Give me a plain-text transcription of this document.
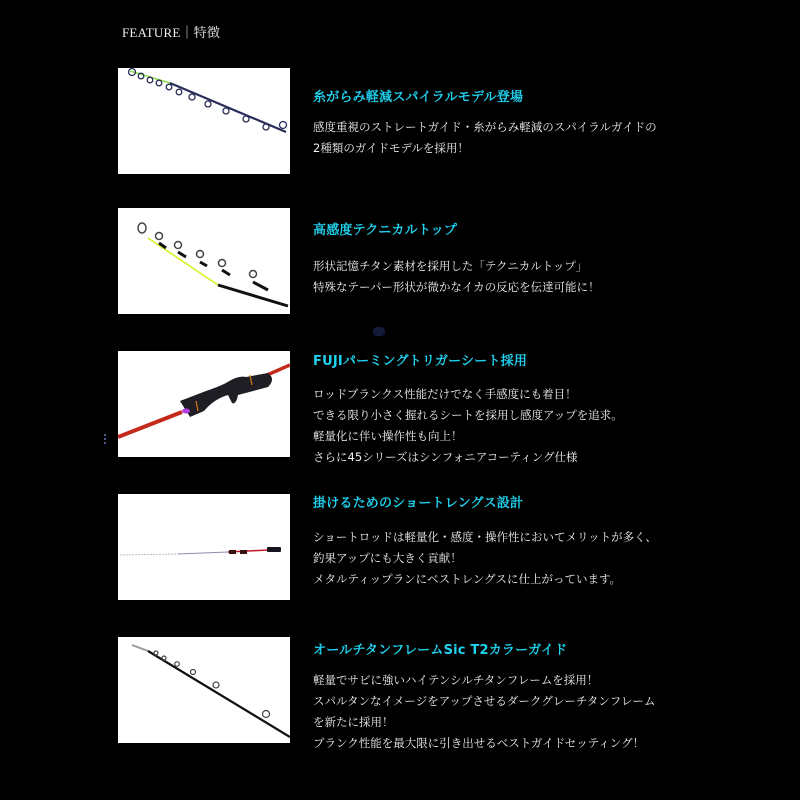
FEATURE｜特徴
糸がらみ軽減スパイラルモデル登場
感度重視のストレートガイド・糸がらみ軽減のスパイラルガイドの
2種類のガイドモデルを採用！
高感度テクニカルトップ
形状記憶チタン素材を採用した「テクニカルトップ」
特殊なテーパー形状が微かなイカの反応を伝達可能に！
FUJIパーミングトリガーシート採用
ロッドブランクス性能だけでなく手感度にも着目！
できる限り小さく握れるシートを採用し感度アップを追求。
軽量化に伴い操作性も向上！
さらに45シリーズはシンフォニアコーティング仕様
掛けるためのショートレングス設計
ショートロッドは軽量化・感度・操作性においてメリットが多く、
釣果アップにも大きく貢献！
メタルティップランにベストレングスに仕上がっています。
オールチタンフレームSic T2カラーガイド
軽量でサビに強いハイテンシルチタンフレームを採用！
スパルタンなイメージをアップさせるダークグレーチタンフレーム
を新たに採用！
ブランク性能を最大限に引き出せるベストガイドセッティング！
